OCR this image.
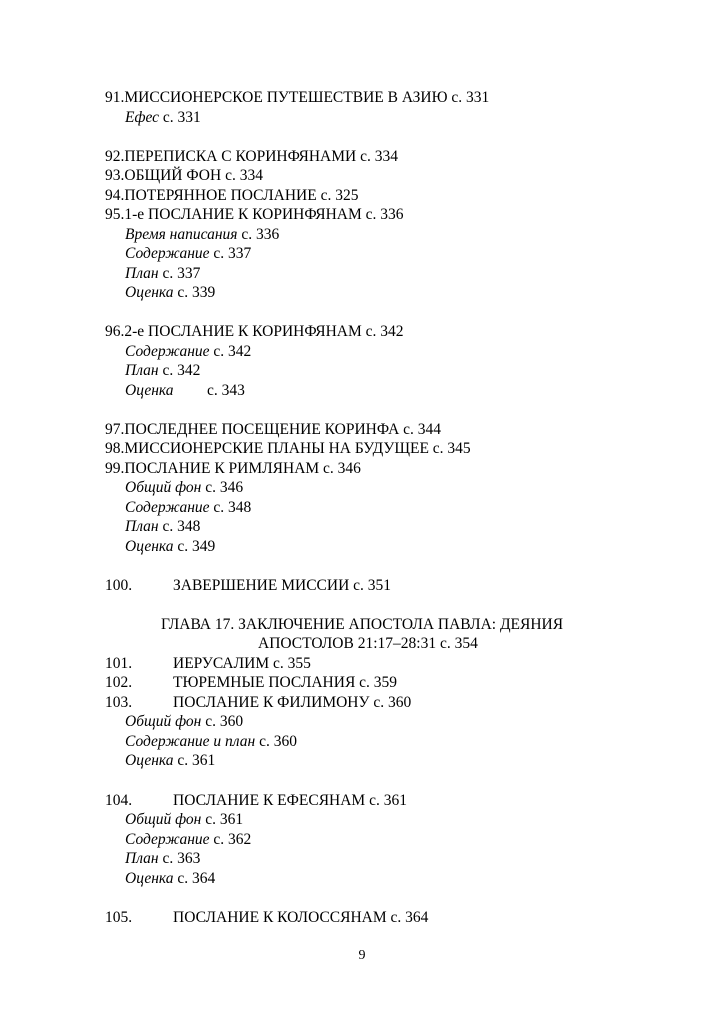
91.МИССИОНЕРСКОЕ ПУТЕШЕСТВИЕ В АЗИЮ с. 331
Ефес с. 331
92.ПЕРЕПИСКА С КОРИНФЯНАМИ с. 334
93.ОБЩИЙ ФОН с. 334
94.ПОТЕРЯННОЕ ПОСЛАНИЕ с. 325
95.1-е ПОСЛАНИЕ К КОРИНФЯНАМ с. 336
Время написания с. 336
Содержание с. 337
План с. 337
Оценка с. 339
96.2-е ПОСЛАНИЕ К КОРИНФЯНАМ с. 342
Содержание с. 342
План с. 342
Оценка с. 343
97.ПОСЛЕДНЕЕ ПОСЕЩЕНИЕ КОРИНФА с. 344
98.МИССИОНЕРСКИЕ ПЛАНЫ НА БУДУЩЕЕ с. 345
99.ПОСЛАНИЕ К РИМЛЯНАМ с. 346
Общий фон с. 346
Содержание с. 348
План с. 348
Оценка с. 349
100.	ЗАВЕРШЕНИЕ МИССИИ с. 351
ГЛАВА 17. ЗАКЛЮЧЕНИЕ АПОСТОЛА ПАВЛА: ДЕЯНИЯ
АПОСТОЛОВ 21:17–28:31 с. 354
101.	ИЕРУСАЛИМ с. 355
102.	ТЮРЕМНЫЕ ПОСЛАНИЯ с. 359
103.	ПОСЛАНИЕ К ФИЛИМОНУ с. 360
Общий фон с. 360
Содержание и план с. 360
Оценка с. 361
104.	ПОСЛАНИЕ К ЕФЕСЯНАМ с. 361
Общий фон с. 361
Содержание с. 362
План с. 363
Оценка с. 364
105.	ПОСЛАНИЕ К КОЛОССЯНАМ с. 364
9
